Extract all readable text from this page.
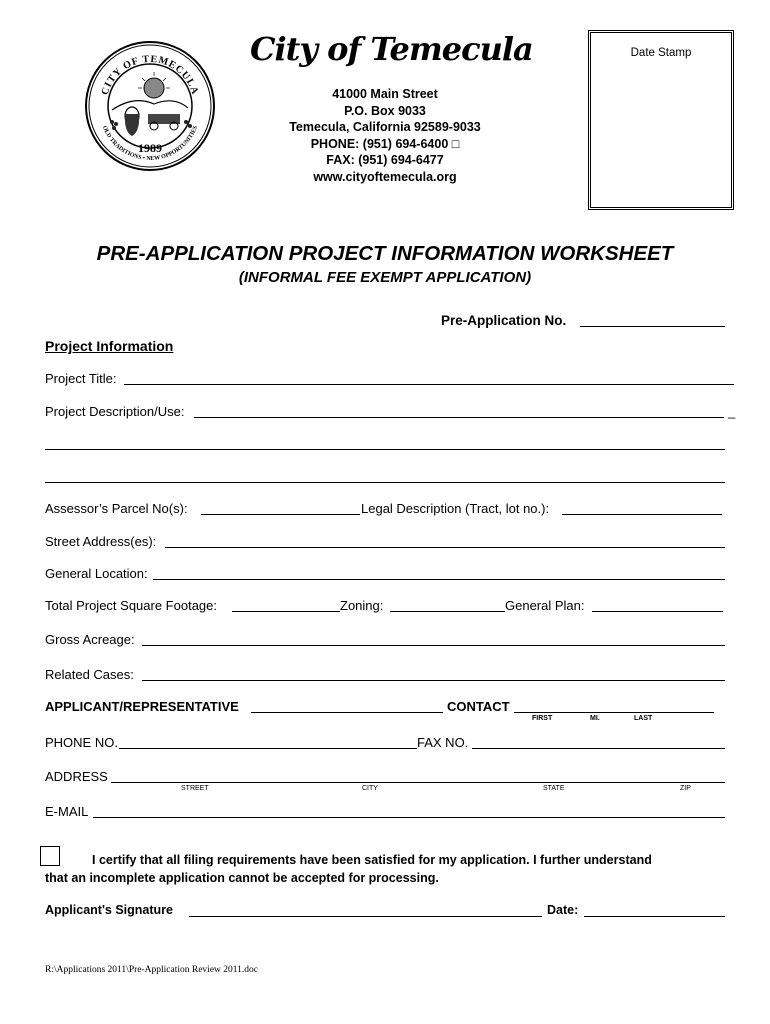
CITY OF TEMECULA
OLD TRADITIONS • NEW OPPORTUNITIES
1989
City of Temecula
41000 Main Street
P.O. Box 9033
Temecula, California 92589-9033
PHONE: (951) 694-6400 □
FAX: (951) 694-6477
www.cityoftemecula.org
Date Stamp
PRE-APPLICATION PROJECT INFORMATION WORKSHEET
(INFORMAL FEE EXEMPT APPLICATION)
Pre-Application No.
Project Information
Project Title:
Project Description/Use:	_
Assessor’s Parcel No(s):	Legal Description (Tract, lot no.):
Street Address(es):
General Location:
Total Project Square Footage:	Zoning:	General Plan:
Gross Acreage:
Related Cases:
APPLICANT/REPRESENTATIVE	CONTACT
FIRST	MI.	LAST
PHONE NO.	FAX NO.
ADDRESS
STREET	CITY	STATE	ZIP
E-MAIL
I certify that all filing requirements have been satisfied for my application. I further understand
that an incomplete application cannot be accepted for processing.
Applicant's Signature	Date:
R:\Applications 2011\Pre-Application Review 2011.doc
